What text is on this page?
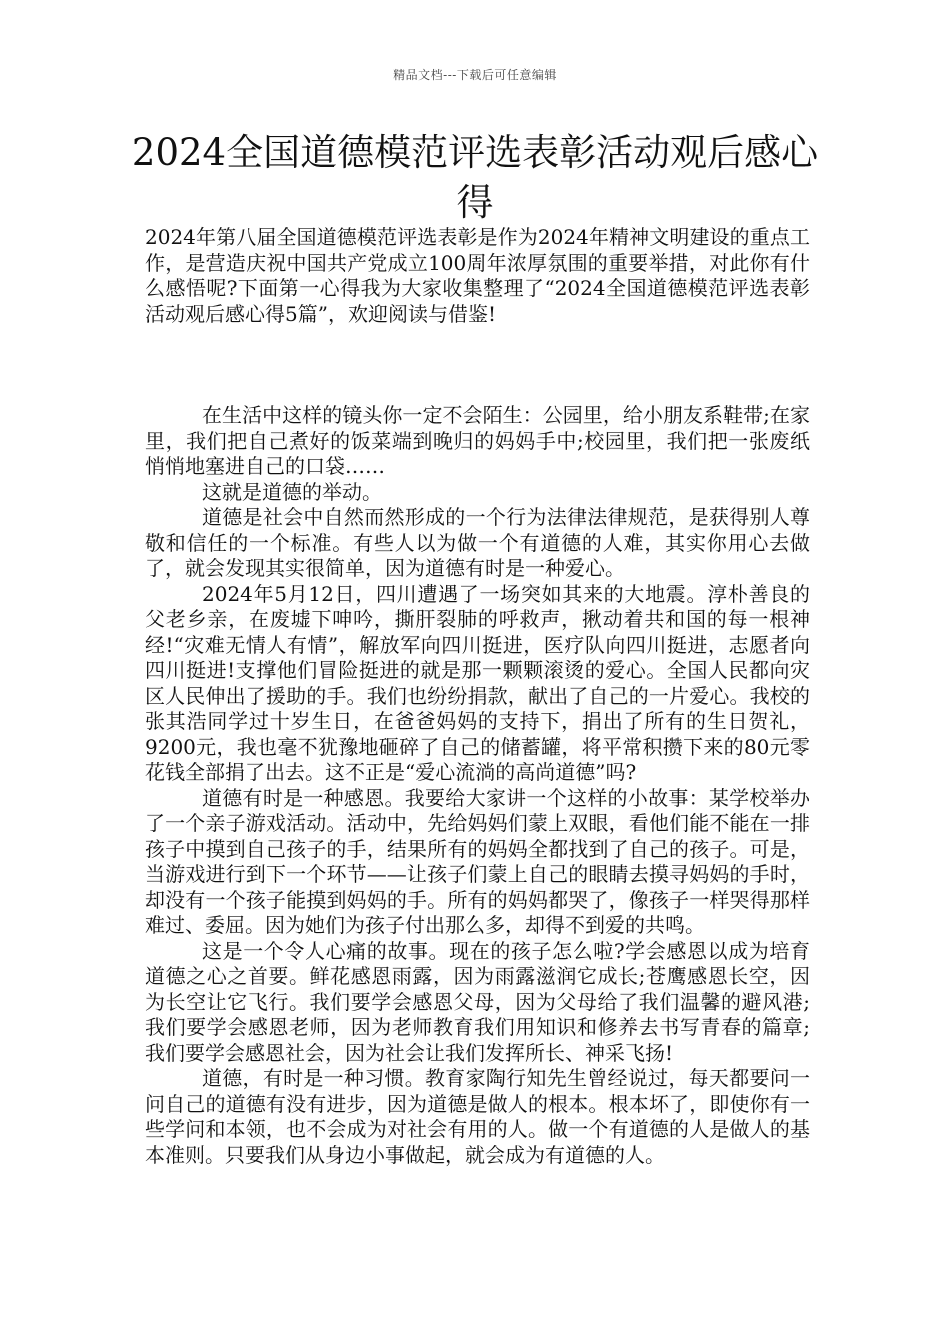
精品文档---下载后可任意编辑
2024全国道德模范评选表彰活动观后感心得

2024年第八届全国道德模范评选表彰是作为2024年精神文明建设的重点工作，是营造庆祝中国共产党成立100周年浓厚氛围的重要举措，对此你有什么感悟呢?下面第一心得我为大家收集整理了“2024全国道德模范评选表彰活动观后感心得5篇”，欢迎阅读与借鉴!

在生活中这样的镜头你一定不会陌生：公园里，给小朋友系鞋带;在家里，我们把自己煮好的饭菜端到晚归的妈妈手中;校园里，我们把一张废纸悄悄地塞进自己的口袋……

这就是道德的举动。

道德是社会中自然而然形成的一个行为法律法律规范，是获得别人尊敬和信任的一个标准。有些人以为做一个有道德的人难，其实你用心去做了，就会发现其实很简单，因为道德有时是一种爱心。

2024年5月12日，四川遭遇了一场突如其来的大地震。淳朴善良的父老乡亲，在废墟下呻吟，撕肝裂肺的呼救声，揪动着共和国的每一根神经!“灾难无情人有情”，解放军向四川挺进，医疗队向四川挺进，志愿者向四川挺进!支撑他们冒险挺进的就是那一颗颗滚烫的爱心。全国人民都向灾区人民伸出了援助的手。我们也纷纷捐款，献出了自己的一片爱心。我校的张其浩同学过十岁生日，在爸爸妈妈的支持下，捐出了所有的生日贺礼，9200元，我也毫不犹豫地砸碎了自己的储蓄罐，将平常积攒下来的80元零花钱全部捐了出去。这不正是“爱心流淌的高尚道德”吗?

道德有时是一种感恩。我要给大家讲一个这样的小故事：某学校举办了一个亲子游戏活动。活动中，先给妈妈们蒙上双眼，看他们能不能在一排孩子中摸到自己孩子的手，结果所有的妈妈全都找到了自己的孩子。可是，当游戏进行到下一个环节——让孩子们蒙上自己的眼睛去摸寻妈妈的手时，却没有一个孩子能摸到妈妈的手。所有的妈妈都哭了，像孩子一样哭得那样难过、委屈。因为她们为孩子付出那么多，却得不到爱的共鸣。

这是一个令人心痛的故事。现在的孩子怎么啦?学会感恩以成为培育道德之心之首要。鲜花感恩雨露，因为雨露滋润它成长;苍鹰感恩长空，因为长空让它飞行。我们要学会感恩父母，因为父母给了我们温馨的避风港;我们要学会感恩老师，因为老师教育我们用知识和修养去书写青春的篇章;我们要学会感恩社会，因为社会让我们发挥所长、神采飞扬!

道德，有时是一种习惯。教育家陶行知先生曾经说过，每天都要问一问自己的道德有没有进步，因为道德是做人的根本。根本坏了，即使你有一些学问和本领，也不会成为对社会有用的人。做一个有道德的人是做人的基本准则。只要我们从身边小事做起，就会成为有道德的人。
